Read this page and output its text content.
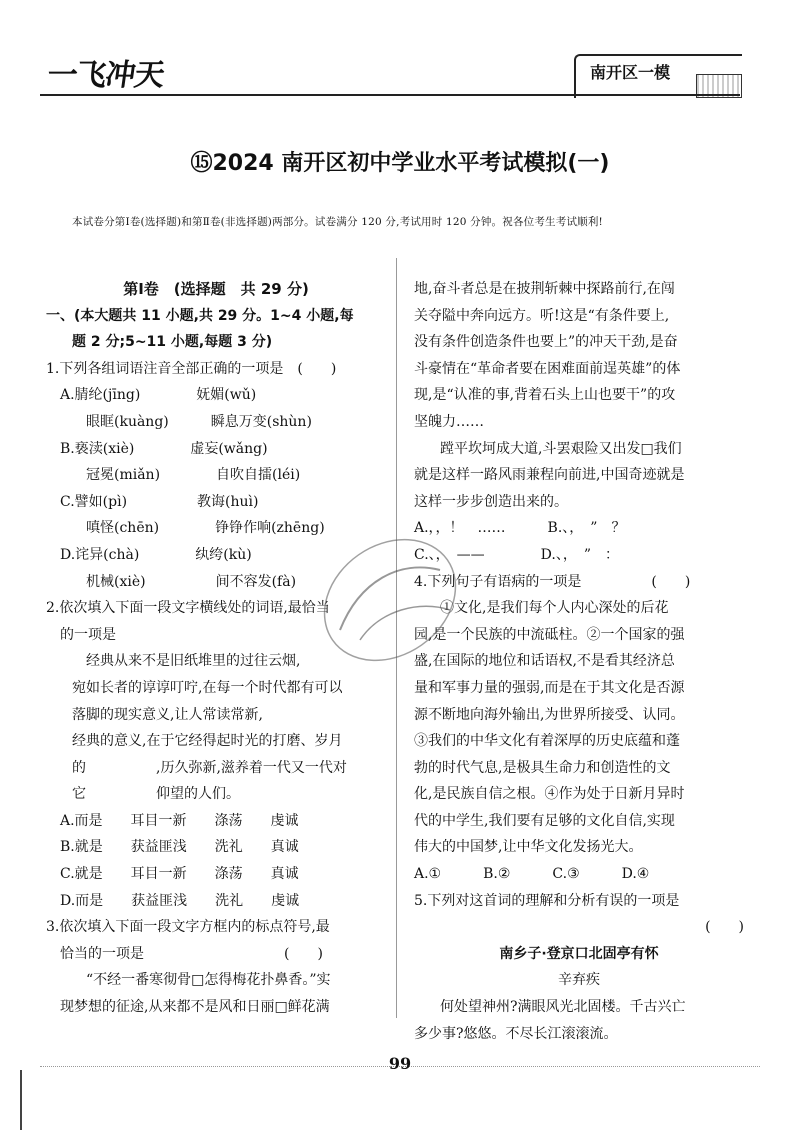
一飞冲天	南开区一模
⑮2024 南开区初中学业水平考试模拟(一)
本试卷分第Ⅰ卷(选择题)和第Ⅱ卷(非选择题)两部分。试卷满分 120 分,考试用时 120 分钟。祝各位考生考试顺利!
第Ⅰ卷　(选择题　共 29 分)
一、(本大题共 11 小题,共 29 分。1~4 小题,每
题 2 分;5~11 小题,每题 3 分)
1.下列各组词语注音全部正确的一项是　(　　)
A.腈纶(jīng)　　　　妩媚(wǔ)
眼眶(kuàng)　　　瞬息万变(shùn)
B.亵渎(xiè)　　　　虚妄(wǎng)
冠冕(miǎn)　　　　自吹自擂(léi)
C.譬如(pì)　　　　　教诲(huì)
嗔怪(chēn)　　　　铮铮作响(zhēng)
D.诧异(chà)　　　　纨绔(kù)
机械(xiè)　　　　　间不容发(fà)
2.依次填入下面一段文字横线处的词语,最恰当
的一项是
经典从来不是旧纸堆里的过往云烟,
宛如长者的谆谆叮咛,在每一个时代都有可以
落脚的现实意义,让人常读常新,
经典的意义,在于它经得起时光的打磨、岁月
的　　　　　,历久弥新,滋养着一代又一代对
它　　　　　仰望的人们。
A.而是　　耳目一新　　涤荡　　虔诚
B.就是　　获益匪浅　　洗礼　　真诚
C.就是　　耳目一新　　涤荡　　真诚
D.而是　　获益匪浅　　洗礼　　虔诚
3.依次填入下面一段文字方框内的标点符号,最
恰当的一项是　　　　　　　　　　(　　)
“不经一番寒彻骨□怎得梅花扑鼻香。”实
现梦想的征途,从来都不是风和日丽□鲜花满
地,奋斗者总是在披荆斩棘中探路前行,在闯
关夺隘中奔向远方。听!这是“有条件要上,
没有条件创造条件也要上”的冲天干劲,是奋
斗豪情在“革命者要在困难面前逞英雄”的体
现,是“认准的事,背着石头上山也要干”的攻
坚魄力……
蹚平坎坷成大道,斗罢艰险又出发□我们
就是这样一路风雨兼程向前进,中国奇迹就是
这样一步步创造出来的。
A.，，！　……　　　B.、，　”　？
C.、，　——　　　　D.、，　”　：
4.下列句子有语病的一项是　　　　　(　　)
①文化,是我们每个人内心深处的后花
园,是一个民族的中流砥柱。②一个国家的强
盛,在国际的地位和话语权,不是看其经济总
量和军事力量的强弱,而是在于其文化是否源
源不断地向海外输出,为世界所接受、认同。
③我们的中华文化有着深厚的历史底蕴和蓬
勃的时代气息,是极具生命力和创造性的文
化,是民族自信之根。④作为处于日新月异时
代的中学生,我们要有足够的文化自信,实现
伟大的中国梦,让中华文化发扬光大。
A.①　　　B.②　　　C.③　　　D.④
5.下列对这首词的理解和分析有误的一项是
(　　)
南乡子·登京口北固亭有怀
辛弃疾
何处望神州?满眼风光北固楼。千古兴亡
多少事?悠悠。不尽长江滚滚流。
99
